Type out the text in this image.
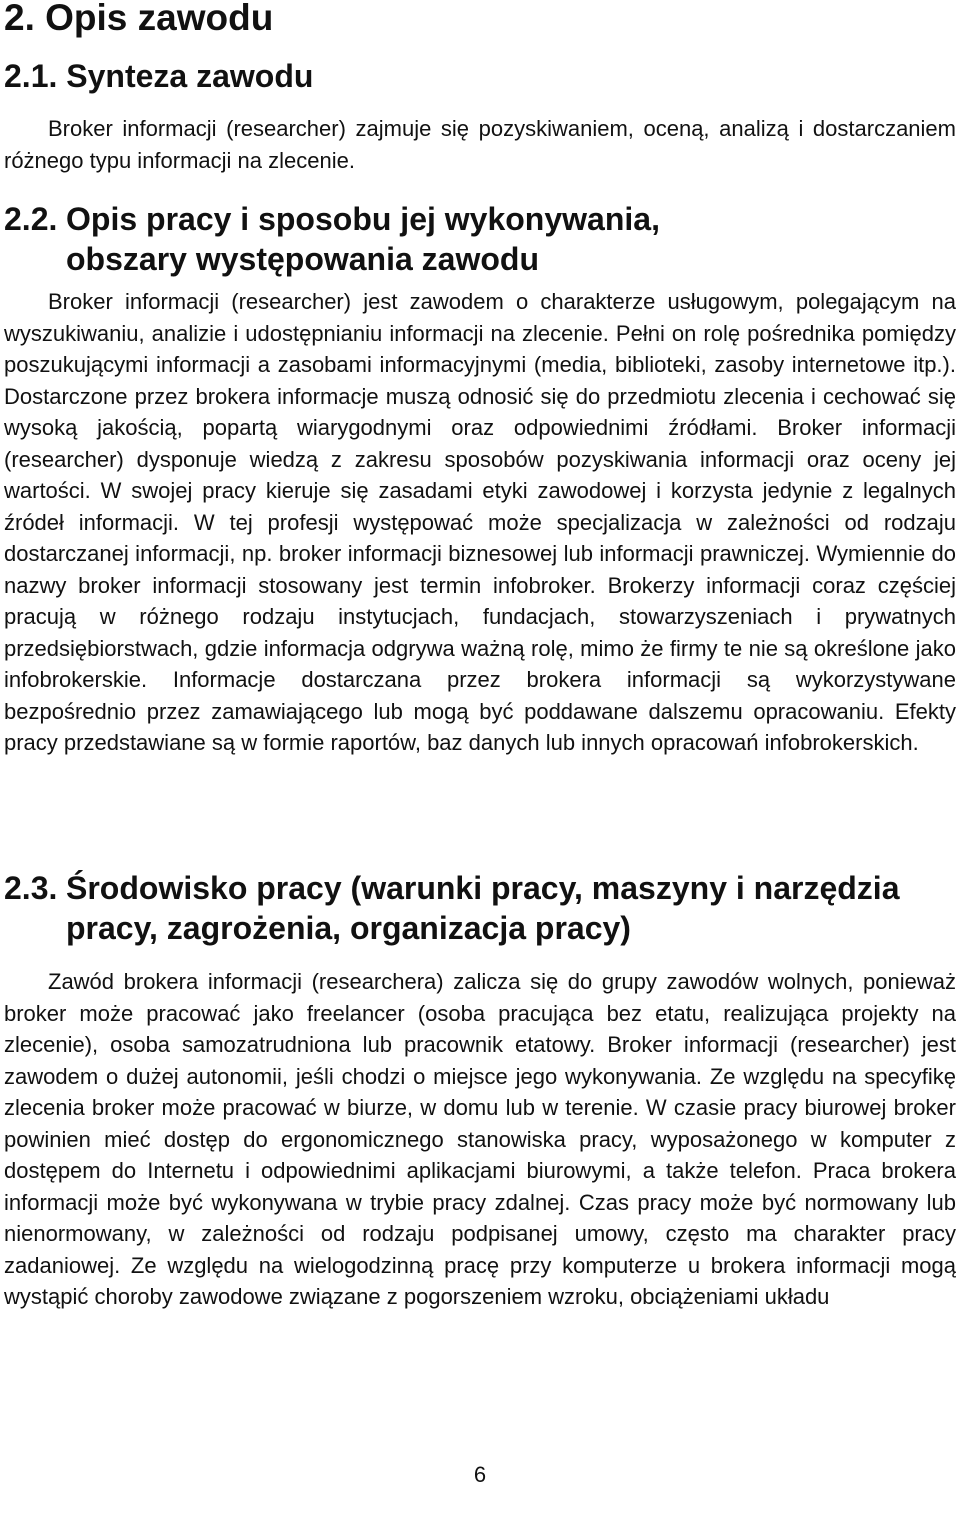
2. Opis zawodu
2.1. Synteza zawodu

Broker informacji (researcher) zajmuje się pozyskiwaniem, oceną, analizą i dostarczaniem różnego typu informacji na zlecenie.

2.2. Opis pracy i sposobu jej wykonywania,
obszary występowania zawodu

Broker informacji (researcher) jest zawodem o charakterze usługowym, polegającym na wyszukiwaniu, analizie i udostępnianiu informacji na zlecenie. Pełni on rolę pośrednika pomiędzy poszukującymi informacji a zasobami informacyjnymi (media, biblioteki, zasoby internetowe itp.). Dostarczone przez brokera informacje muszą odnosić się do przedmiotu zlecenia i cechować się wysoką jakością, popartą wiarygodnymi oraz odpowiednimi źródłami. Broker informacji (researcher) dysponuje wiedzą z zakresu sposobów pozyskiwania informacji oraz oceny jej wartości. W swojej pracy kieruje się zasadami etyki zawodowej i korzysta jedynie z legalnych źródeł informacji. W tej profesji występować może specjalizacja w zależności od rodzaju dostarczanej informacji, np. broker informacji biznesowej lub informacji prawniczej. Wymiennie do nazwy broker informacji stosowany jest termin infobroker. Brokerzy informacji coraz częściej pracują w różnego rodzaju instytucjach, fundacjach, stowarzyszeniach i prywatnych przedsiębiorstwach, gdzie informacja odgrywa ważną rolę, mimo że firmy te nie są określone jako infobrokerskie. Informacje dostarczana przez brokera informacji są wykorzystywane bezpośrednio przez zamawiającego lub mogą być poddawane dalszemu opracowaniu. Efekty pracy przedstawiane są w formie raportów, baz danych lub innych opracowań infobrokerskich.

2.3. Środowisko pracy (warunki pracy, maszyny i narzędzia
pracy, zagrożenia, organizacja pracy)

Zawód brokera informacji (researchera) zalicza się do grupy zawodów wolnych, ponieważ broker może pracować jako freelancer (osoba pracująca bez etatu, realizująca projekty na zlecenie), osoba samozatrudniona lub pracownik etatowy. Broker informacji (researcher) jest zawodem o dużej autonomii, jeśli chodzi o miejsce jego wykonywania. Ze względu na specyfikę zlecenia broker może pracować w biurze, w domu lub w terenie. W czasie pracy biurowej broker powinien mieć dostęp do ergonomicznego stanowiska pracy, wyposażonego w komputer z dostępem do Internetu i odpowiednimi aplikacjami biurowymi, a także telefon. Praca brokera informacji może być wykonywana w trybie pracy zdalnej. Czas pracy może być normowany lub nienormowany, w zależności od rodzaju podpisanej umowy, często ma charakter pracy zadaniowej. Ze względu na wielogodzinną pracę przy komputerze u brokera informacji mogą wystąpić choroby zawodowe związane z pogorszeniem wzroku, obciążeniami układu

6
